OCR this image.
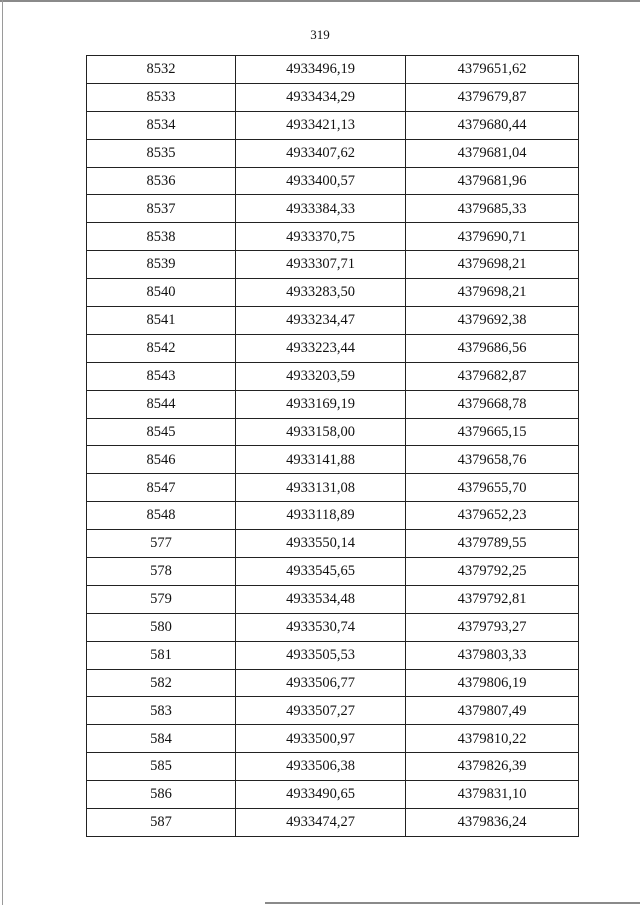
319
8532	4933496,19	4379651,62
8533	4933434,29	4379679,87
8534	4933421,13	4379680,44
8535	4933407,62	4379681,04
8536	4933400,57	4379681,96
8537	4933384,33	4379685,33
8538	4933370,75	4379690,71
8539	4933307,71	4379698,21
8540	4933283,50	4379698,21
8541	4933234,47	4379692,38
8542	4933223,44	4379686,56
8543	4933203,59	4379682,87
8544	4933169,19	4379668,78
8545	4933158,00	4379665,15
8546	4933141,88	4379658,76
8547	4933131,08	4379655,70
8548	4933118,89	4379652,23
577	4933550,14	4379789,55
578	4933545,65	4379792,25
579	4933534,48	4379792,81
580	4933530,74	4379793,27
581	4933505,53	4379803,33
582	4933506,77	4379806,19
583	4933507,27	4379807,49
584	4933500,97	4379810,22
585	4933506,38	4379826,39
586	4933490,65	4379831,10
587	4933474,27	4379836,24
